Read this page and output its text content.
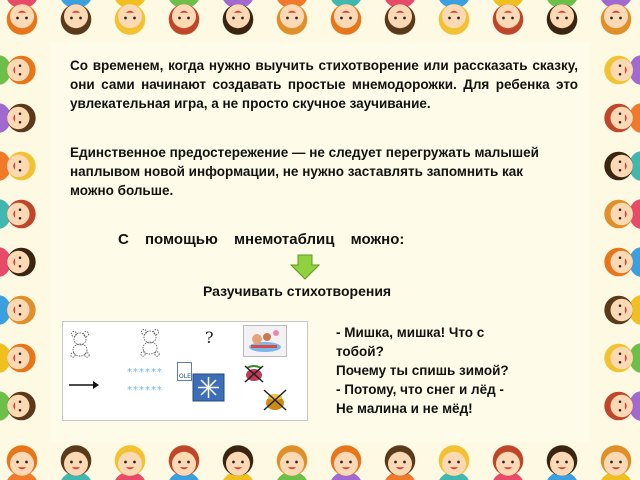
Со временем, когда нужно выучить стихотворение или рассказать сказку, они сами начинают создавать простые мнемодорожки. Для ребенка это увлекательная игра, а не просто скучное заучивание.

Единственное предостережение — не следует перегружать малышей наплывом новой информации, не нужно заставлять запомнить как можно больше.

С помощью мнемотаблиц можно:

Разучивать стихотворения

?
******
******
OLE

- Мишка, мишка! Что с
тобой?
Почему ты спишь зимой?
- Потому, что снег и лёд -
Не малина и не мёд!
